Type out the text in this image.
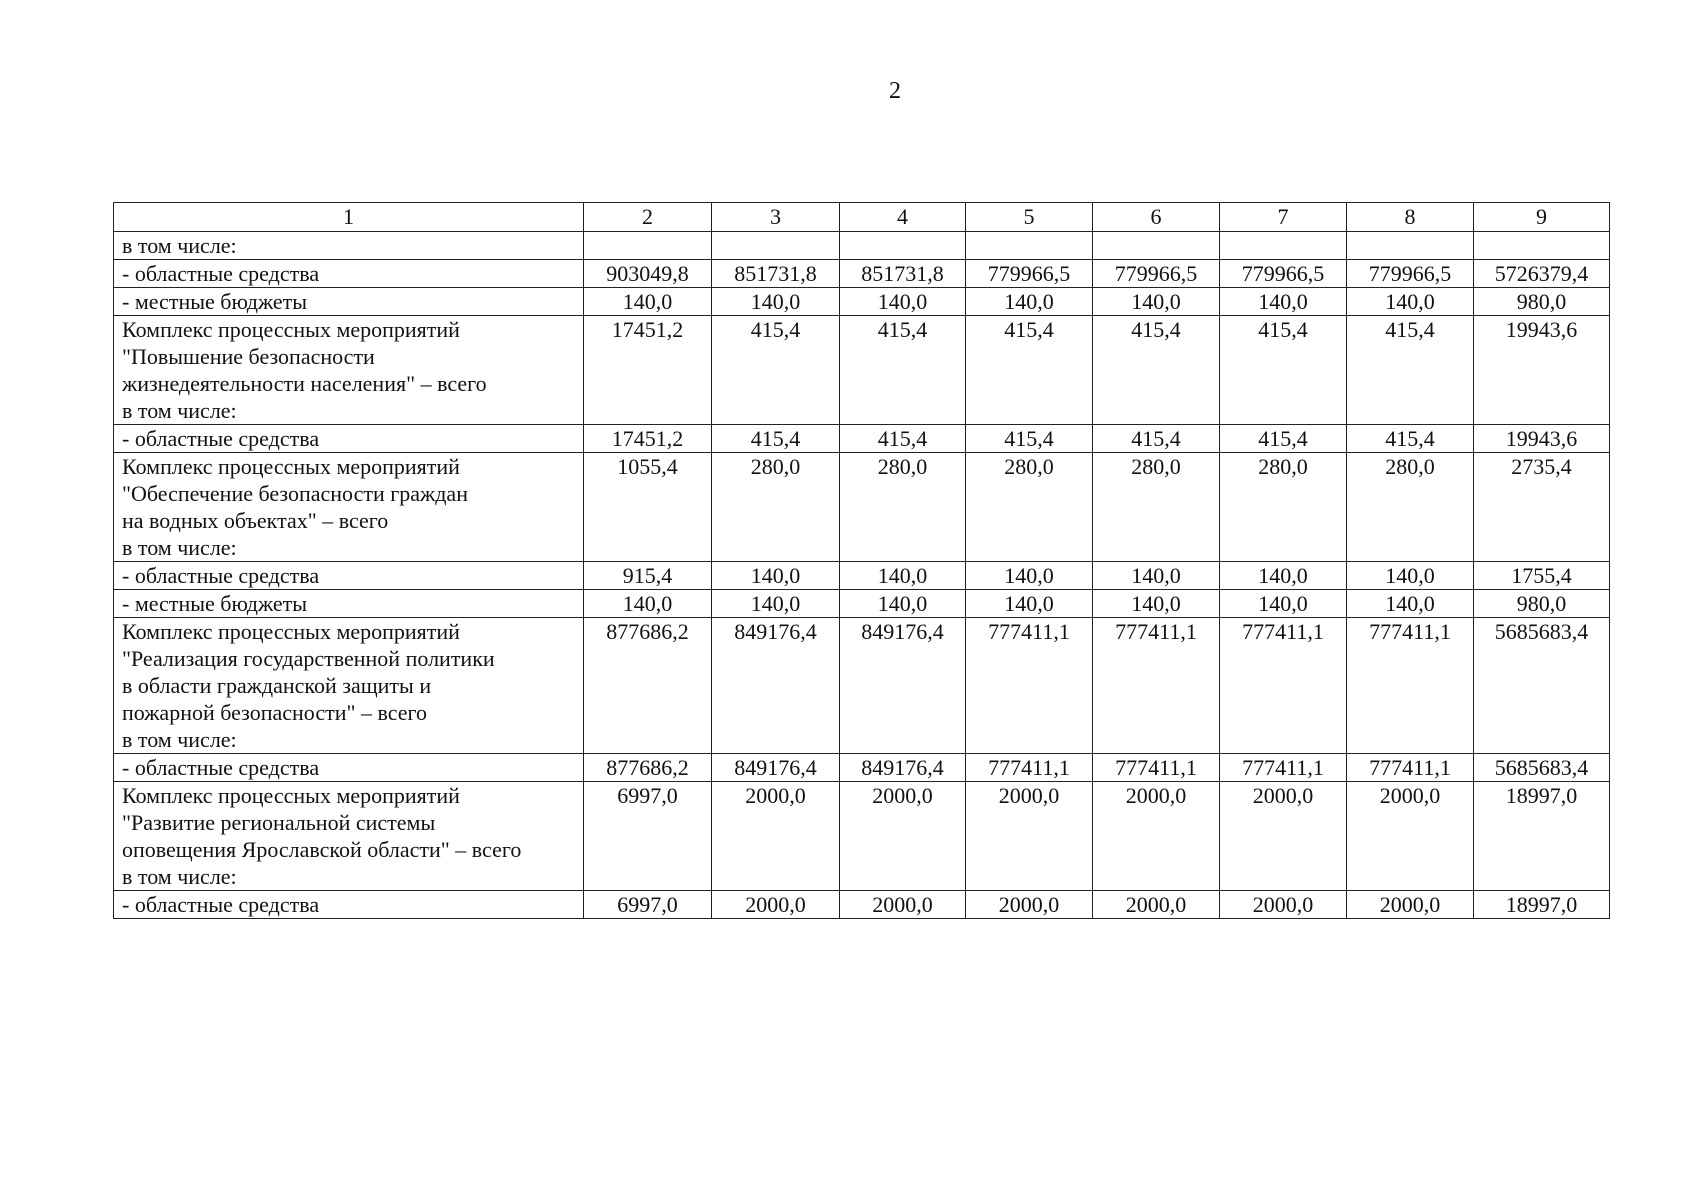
2
1	2	3	4	5	6	7	8	9
в том числе:								
- областные средства	903049,8	851731,8	851731,8	779966,5	779966,5	779966,5	779966,5	5726379,4
- местные бюджеты	140,0	140,0	140,0	140,0	140,0	140,0	140,0	980,0
Комплекс процессных мероприятий
"Повышение безопасности
жизнедеятельности населения" – всего
в том числе:	17451,2	415,4	415,4	415,4	415,4	415,4	415,4	19943,6
- областные средства	17451,2	415,4	415,4	415,4	415,4	415,4	415,4	19943,6
Комплекс процессных мероприятий
"Обеспечение безопасности граждан
на водных объектах" – всего
в том числе:	1055,4	280,0	280,0	280,0	280,0	280,0	280,0	2735,4
- областные средства	915,4	140,0	140,0	140,0	140,0	140,0	140,0	1755,4
- местные бюджеты	140,0	140,0	140,0	140,0	140,0	140,0	140,0	980,0
Комплекс процессных мероприятий
"Реализация государственной политики
в области гражданской защиты и
пожарной безопасности" – всего
в том числе:	877686,2	849176,4	849176,4	777411,1	777411,1	777411,1	777411,1	5685683,4
- областные средства	877686,2	849176,4	849176,4	777411,1	777411,1	777411,1	777411,1	5685683,4
Комплекс процессных мероприятий
"Развитие региональной системы
оповещения Ярославской области" – всего
в том числе:	6997,0	2000,0	2000,0	2000,0	2000,0	2000,0	2000,0	18997,0
- областные средства	6997,0	2000,0	2000,0	2000,0	2000,0	2000,0	2000,0	18997,0
